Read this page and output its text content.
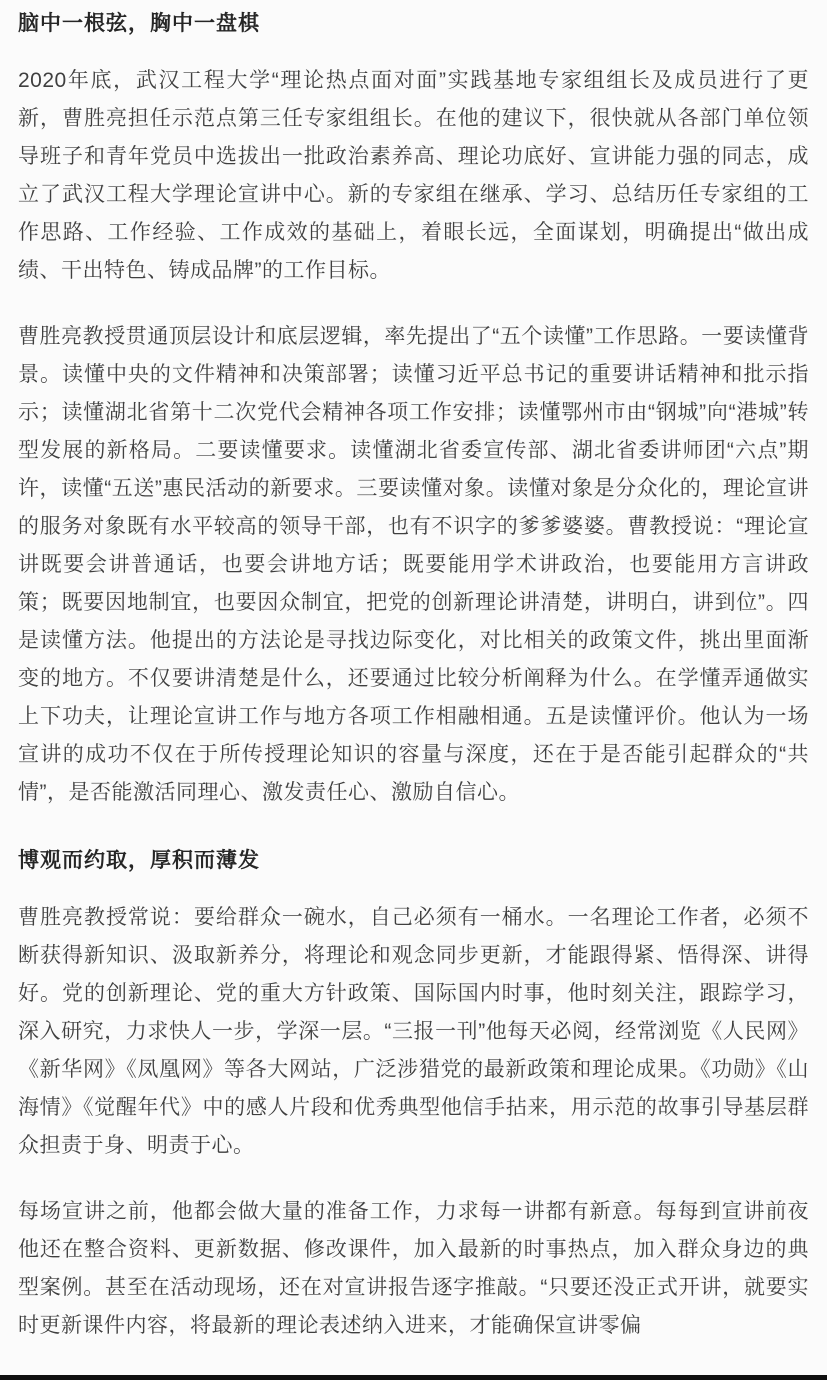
脑中一根弦，胸中一盘棋

2020年底，武汉工程大学“理论热点面对面”实践基地专家组组长及成员进行了更新，曹胜亮担任示范点第三任专家组组长。在他的建议下，很快就从各部门单位领导班子和青年党员中选拔出一批政治素养高、理论功底好、宣讲能力强的同志，成立了武汉工程大学理论宣讲中心。新的专家组在继承、学习、总结历任专家组的工作思路、工作经验、工作成效的基础上，着眼长远，全面谋划，明确提出“做出成绩、干出特色、铸成品牌”的工作目标。

曹胜亮教授贯通顶层设计和底层逻辑，率先提出了“五个读懂”工作思路。一要读懂背景。读懂中央的文件精神和决策部署；读懂习近平总书记的重要讲话精神和批示指示；读懂湖北省第十二次党代会精神各项工作安排；读懂鄂州市由“钢城”向“港城”转型发展的新格局。二要读懂要求。读懂湖北省委宣传部、湖北省委讲师团“六点”期许，读懂“五送”惠民活动的新要求。三要读懂对象。读懂对象是分众化的，理论宣讲的服务对象既有水平较高的领导干部，也有不识字的爹爹婆婆。曹教授说：“理论宣讲既要会讲普通话，也要会讲地方话；既要能用学术讲政治，也要能用方言讲政策；既要因地制宜，也要因众制宜，把党的创新理论讲清楚，讲明白，讲到位”。四是读懂方法。他提出的方法论是寻找边际变化，对比相关的政策文件，挑出里面渐变的地方。不仅要讲清楚是什么，还要通过比较分析阐释为什么。在学懂弄通做实上下功夫，让理论宣讲工作与地方各项工作相融相通。五是读懂评价。他认为一场宣讲的成功不仅在于所传授理论知识的容量与深度，还在于是否能引起群众的“共情”，是否能激活同理心、激发责任心、激励自信心。

博观而约取，厚积而薄发

曹胜亮教授常说：要给群众一碗水，自己必须有一桶水。一名理论工作者，必须不断获得新知识、汲取新养分，将理论和观念同步更新，才能跟得紧、悟得深、讲得好。党的创新理论、党的重大方针政策、国际国内时事，他时刻关注，跟踪学习，深入研究，力求快人一步，学深一层。“三报一刊”他每天必阅，经常浏览《人民网》《新华网》《凤凰网》等各大网站，广泛涉猎党的最新政策和理论成果。《功勋》《山海情》《觉醒年代》中的感人片段和优秀典型他信手拈来，用示范的故事引导基层群众担责于身、明责于心。

每场宣讲之前，他都会做大量的准备工作，力求每一讲都有新意。每每到宣讲前夜他还在整合资料、更新数据、修改课件，加入最新的时事热点，加入群众身边的典型案例。甚至在活动现场，还在对宣讲报告逐字推敲。“只要还没正式开讲，就要实时更新课件内容，将最新的理论表述纳入进来，才能确保宣讲零偏
